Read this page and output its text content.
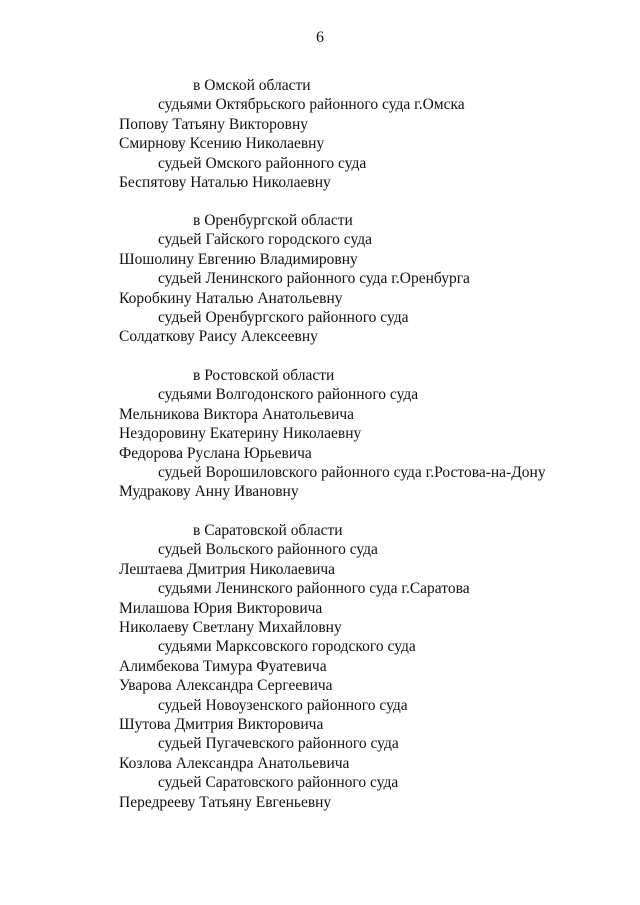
6
в Омской области
судьями Октябрьского районного суда г.Омска
Попову Татьяну Викторовну
Смирнову Ксению Николаевну
судьей Омского районного суда
Беспятову Наталью Николаевну
в Оренбургской области
судьей Гайского городского суда
Шошолину Евгению Владимировну
судьей Ленинского районного суда г.Оренбурга
Коробкину Наталью Анатольевну
судьей Оренбургского районного суда
Солдаткову Раису Алексеевну
в Ростовской области
судьями Волгодонского районного суда
Мельникова Виктора Анатольевича
Нездоровину Екатерину Николаевну
Федорова Руслана Юрьевича
судьей Ворошиловского районного суда г.Ростова-на-Дону
Мудракову Анну Ивановну
в Саратовской области
судьей Вольского районного суда
Лештаева Дмитрия Николаевича
судьями Ленинского районного суда г.Саратова
Милашова Юрия Викторовича
Николаеву Светлану Михайловну
судьями Марксовского городского суда
Алимбекова Тимура Фуатевича
Уварова Александра Сергеевича
судьей Новоузенского районного суда
Шутова Дмитрия Викторовича
судьей Пугачевского районного суда
Козлова Александра Анатольевича
судьей Саратовского районного суда
Передрееву Татьяну Евгеньевну
